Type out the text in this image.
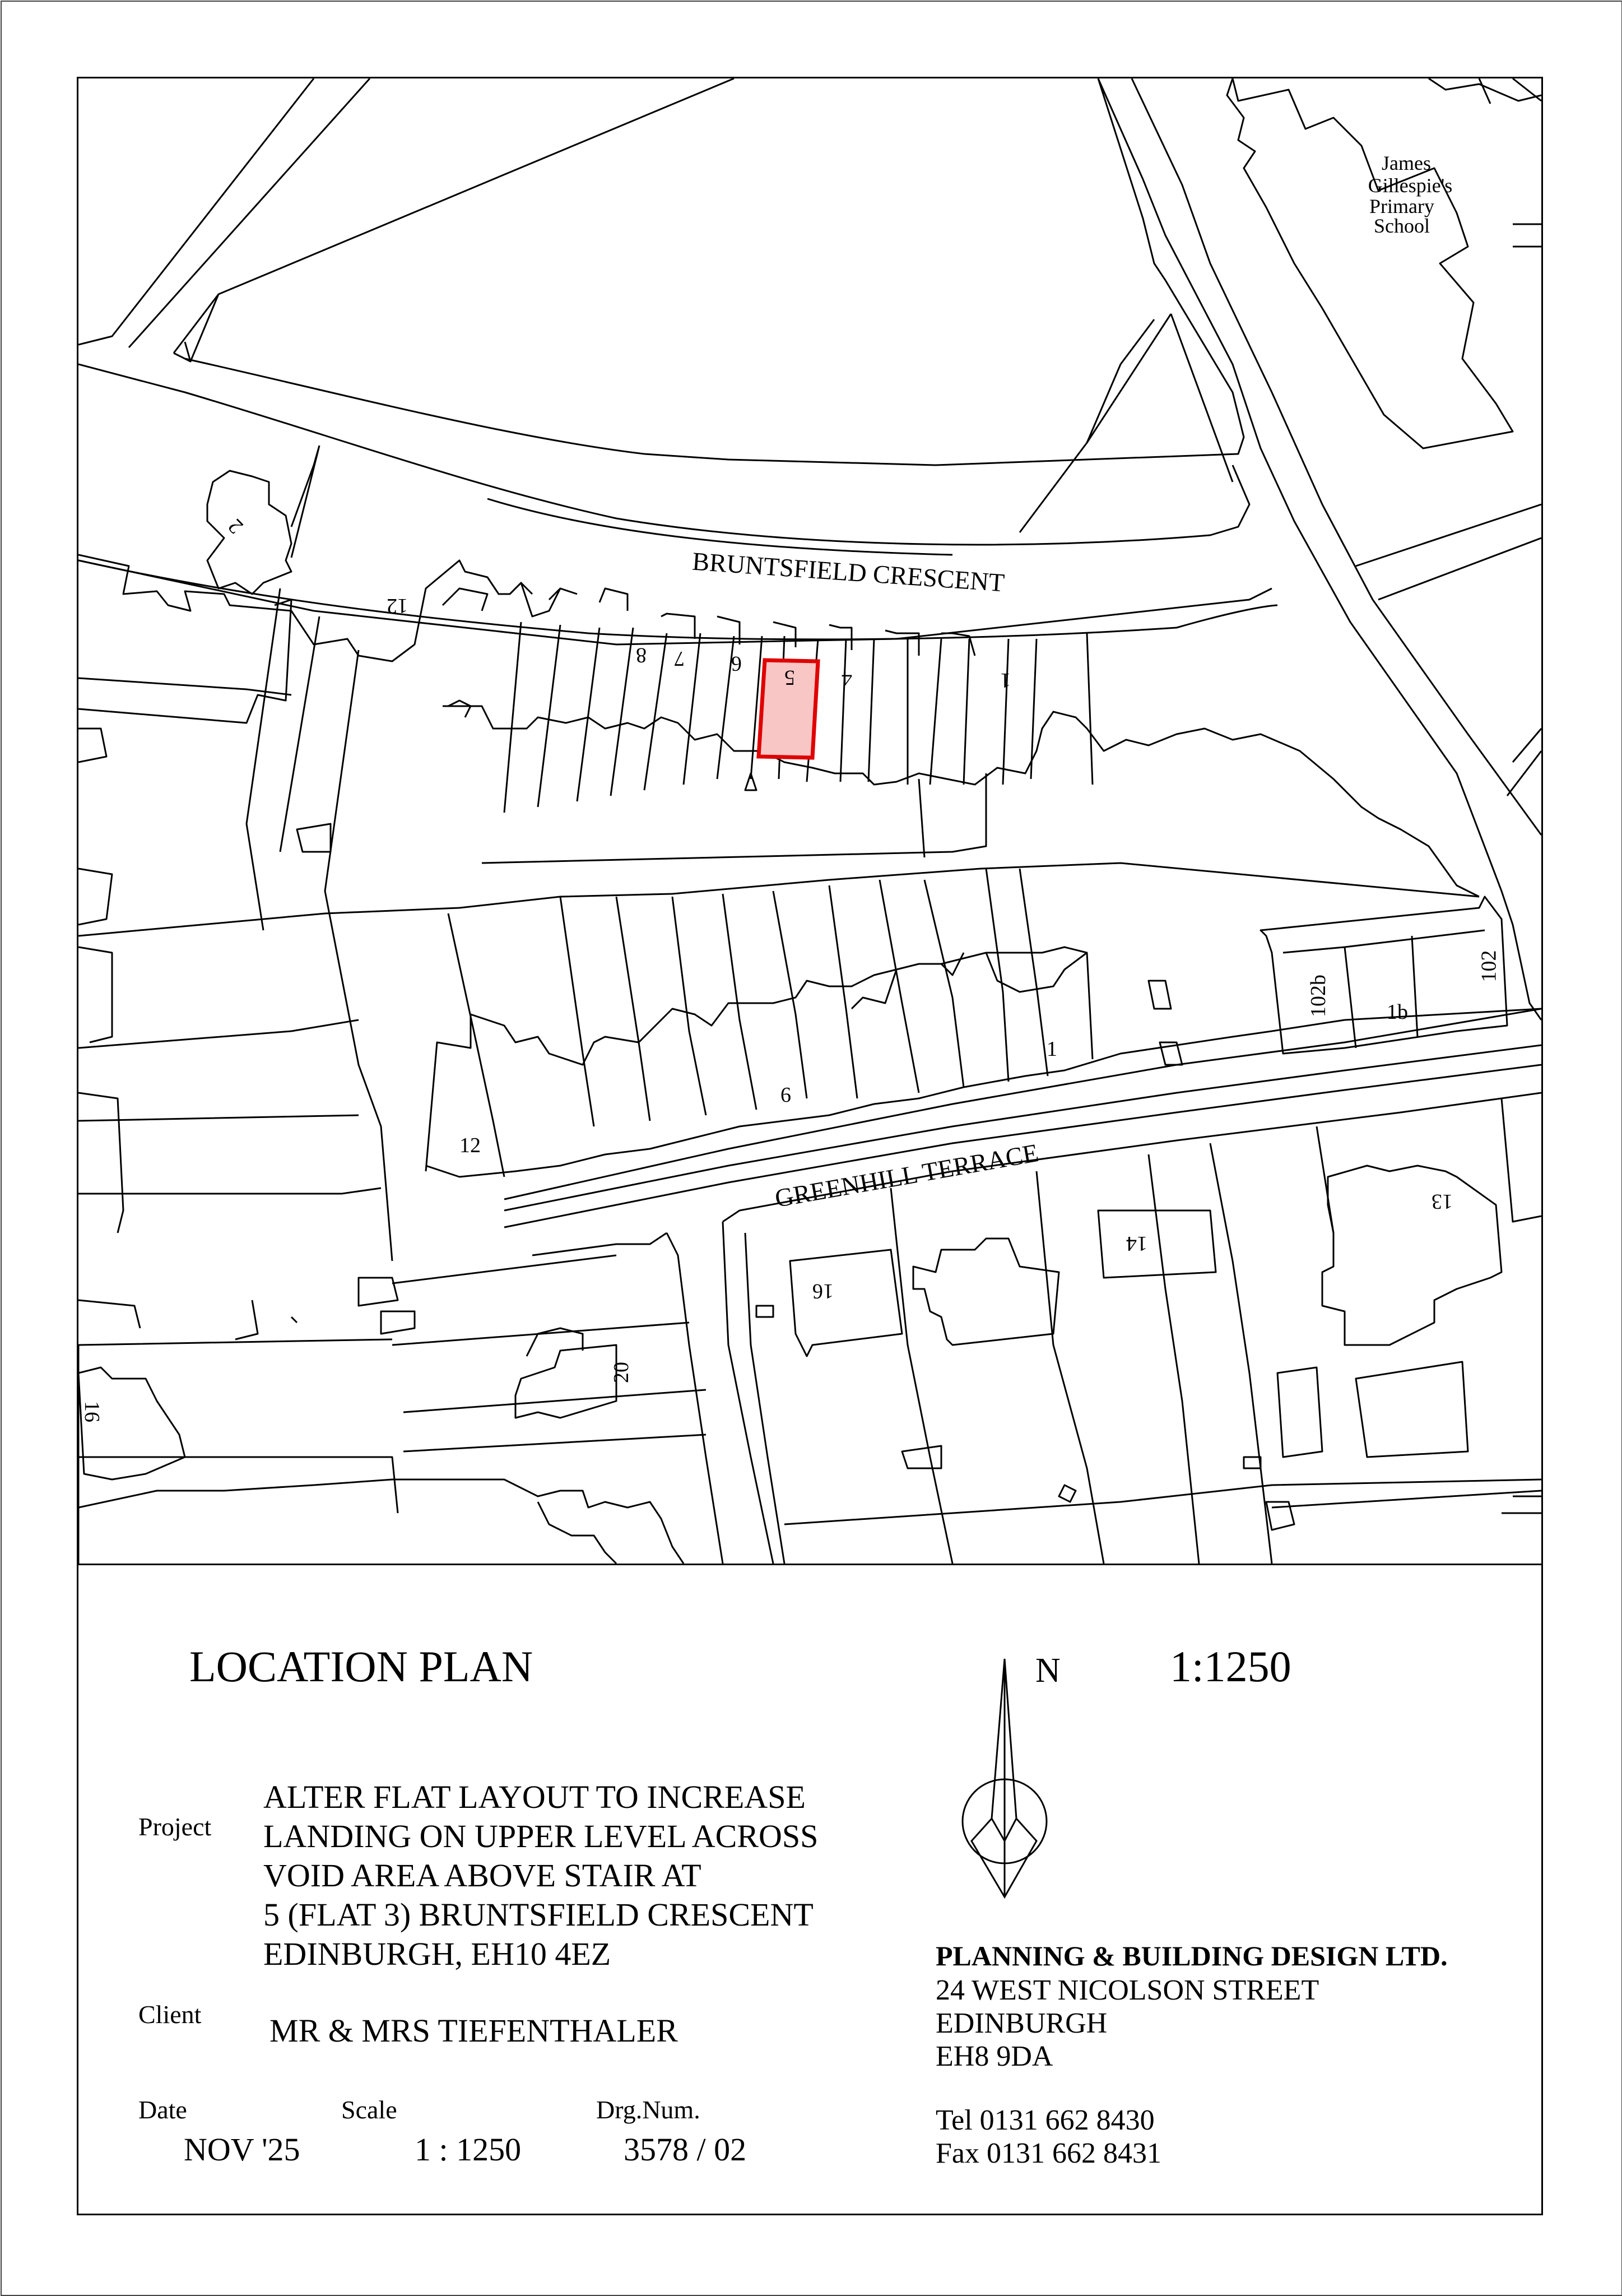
BRUNTSFIELD CRESCENT
GREENHILL TERRACE
James
Gillespie's
Primary
School
12
8 7 6
5 4	1
2
12
6
1
102b	1b
102
16
14
13
20
16
LOCATION PLAN	1:1250
N
Project
ALTER FLAT LAYOUT TO INCREASE
LANDING ON UPPER LEVEL ACROSS
VOID AREA ABOVE STAIR AT
5 (FLAT 3) BRUNTSFIELD CRESCENT
EDINBURGH, EH10 4EZ
Client MR & MRS TIEFENTHALER
Date	Scale	Drg.Num.
NOV '25	1 : 1250	3578 / 02
PLANNING & BUILDING DESIGN LTD.
24 WEST NICOLSON STREET
EDINBURGH
EH8 9DA
Tel 0131 662 8430
Fax 0131 662 8431
